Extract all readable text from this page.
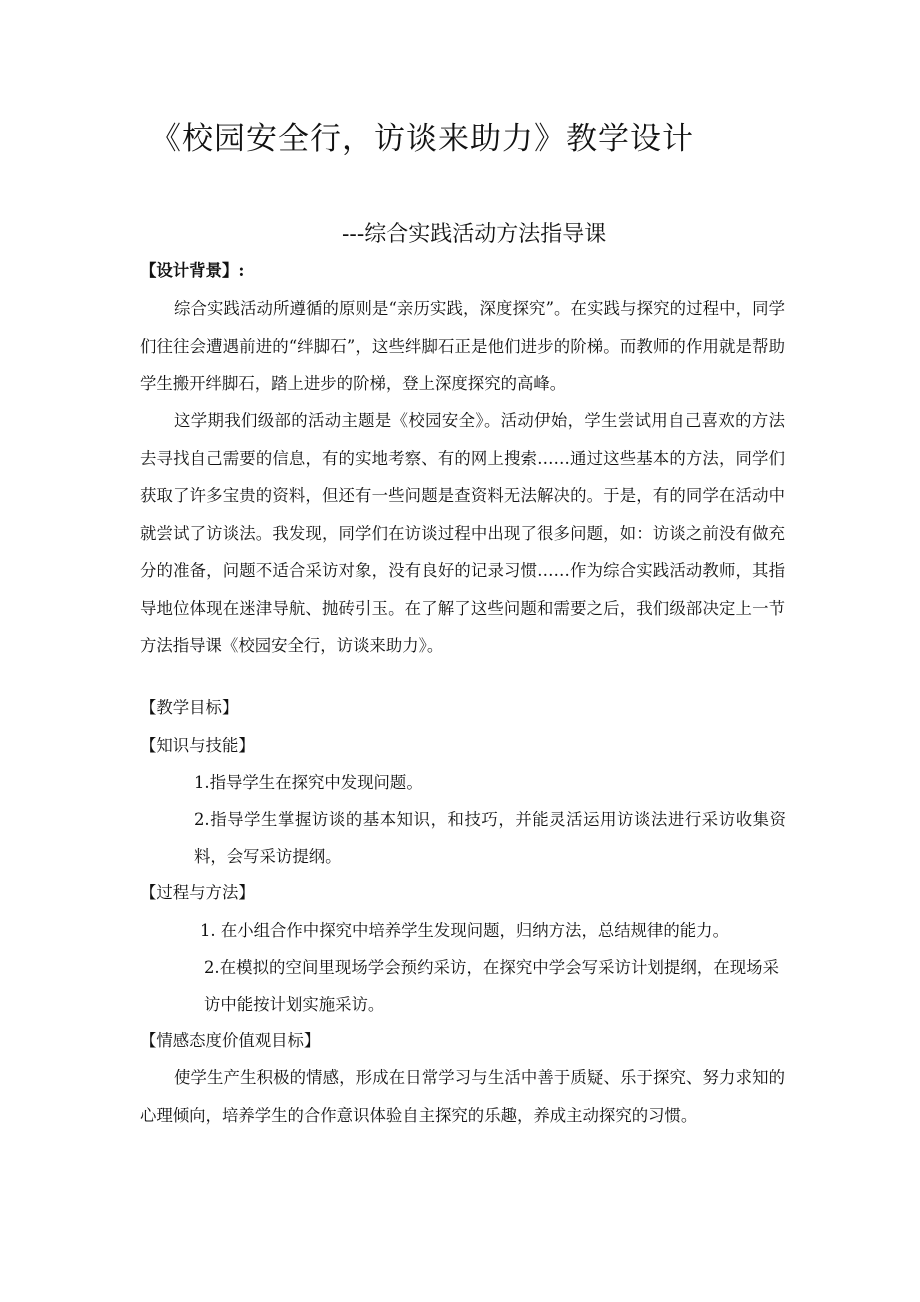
《校园安全行，访谈来助力》教学设计
---综合实践活动方法指导课
【设计背景】:
综合实践活动所遵循的原则是“亲历实践，深度探究”。在实践与探究的过程中，同学们往往会遭遇前进的“绊脚石”，这些绊脚石正是他们进步的阶梯。而教师的作用就是帮助学生搬开绊脚石，踏上进步的阶梯，登上深度探究的高峰。
这学期我们级部的活动主题是《校园安全》。活动伊始，学生尝试用自己喜欢的方法去寻找自己需要的信息，有的实地考察、有的网上搜索……通过这些基本的方法，同学们获取了许多宝贵的资料，但还有一些问题是查资料无法解决的。于是，有的同学在活动中就尝试了访谈法。我发现，同学们在访谈过程中出现了很多问题，如：访谈之前没有做充分的准备，问题不适合采访对象，没有良好的记录习惯……作为综合实践活动教师，其指导地位体现在迷津导航、抛砖引玉。在了解了这些问题和需要之后，我们级部决定上一节方法指导课《校园安全行，访谈来助力》。
【教学目标】
【知识与技能】
1.指导学生在探究中发现问题。
2.指导学生掌握访谈的基本知识，和技巧，并能灵活运用访谈法进行采访收集资料，会写采访提纲。
【过程与方法】
1. 在小组合作中探究中培养学生发现问题，归纳方法，总结规律的能力。
2.在模拟的空间里现场学会预约采访，在探究中学会写采访计划提纲，在现场采访中能按计划实施采访。
【情感态度价值观目标】
使学生产生积极的情感，形成在日常学习与生活中善于质疑、乐于探究、努力求知的心理倾向，培养学生的合作意识体验自主探究的乐趣，养成主动探究的习惯。
